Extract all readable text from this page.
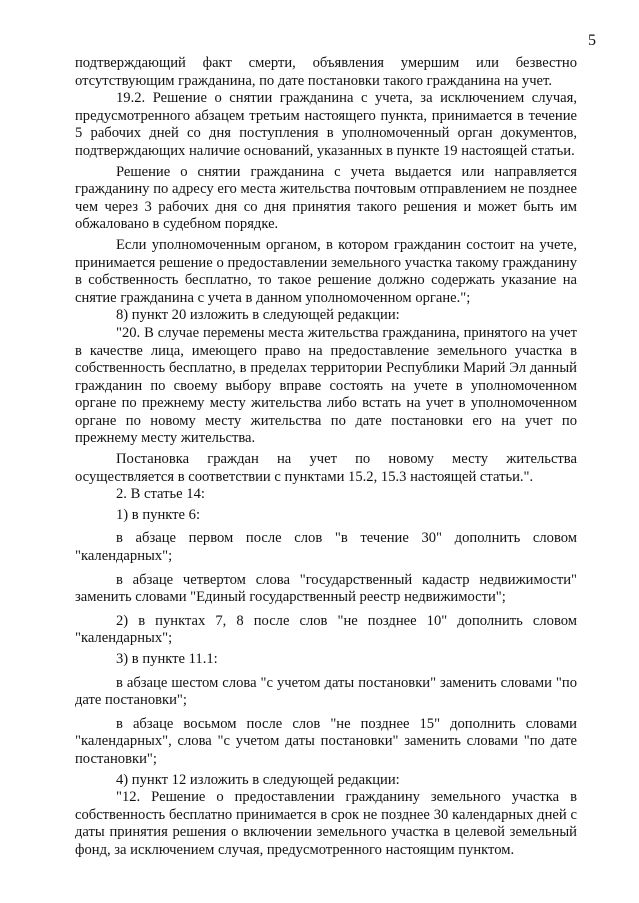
5

подтверждающий факт смерти, объявления умершим или безвестно отсутствующим гражданина, по дате постановки такого гражданина на учет.

19.2. Решение о снятии гражданина с учета, за исключением случая, предусмотренного абзацем третьим настоящего пункта, принимается в течение 5 рабочих дней со дня поступления в уполномоченный орган документов, подтверждающих наличие оснований, указанных в пункте 19 настоящей статьи.

Решение о снятии гражданина с учета выдается или направляется гражданину по адресу его места жительства почтовым отправлением не позднее чем через 3 рабочих дня со дня принятия такого решения и может быть им обжаловано в судебном порядке.

Если уполномоченным органом, в котором гражданин состоит на учете, принимается решение о предоставлении земельного участка такому гражданину в собственность бесплатно, то такое решение должно содержать указание на снятие гражданина с учета в данном уполномоченном органе.";

8) пункт 20 изложить в следующей редакции:

"20. В случае перемены места жительства гражданина, принятого на учет в качестве лица, имеющего право на предоставление земельного участка в собственность бесплатно, в пределах территории Республики Марий Эл данный гражданин по своему выбору вправе состоять на учете в уполномоченном органе по прежнему месту жительства либо встать на учет в уполномоченном органе по новому месту жительства по дате постановки его на учет по прежнему месту жительства.

Постановка граждан на учет по новому месту жительства осуществляется в соответствии с пунктами 15.2, 15.3 настоящей статьи.".

2. В статье 14:

1) в пункте 6:

в абзаце первом после слов "в течение 30" дополнить словом "календарных";

в абзаце четвертом слова "государственный кадастр недвижимости" заменить словами "Единый государственный реестр недвижимости";

2) в пунктах 7, 8 после слов "не позднее 10" дополнить словом "календарных";

3) в пункте 11.1:

в абзаце шестом слова "с учетом даты постановки" заменить словами "по дате постановки";

в абзаце восьмом после слов "не позднее 15" дополнить словами "календарных", слова "с учетом даты постановки" заменить словами "по дате постановки";

4) пункт 12 изложить в следующей редакции:

"12. Решение о предоставлении гражданину земельного участка в собственность бесплатно принимается в срок не позднее 30 календарных дней с даты принятия решения о включении земельного участка в целевой земельный фонд, за исключением случая, предусмотренного настоящим пунктом.
